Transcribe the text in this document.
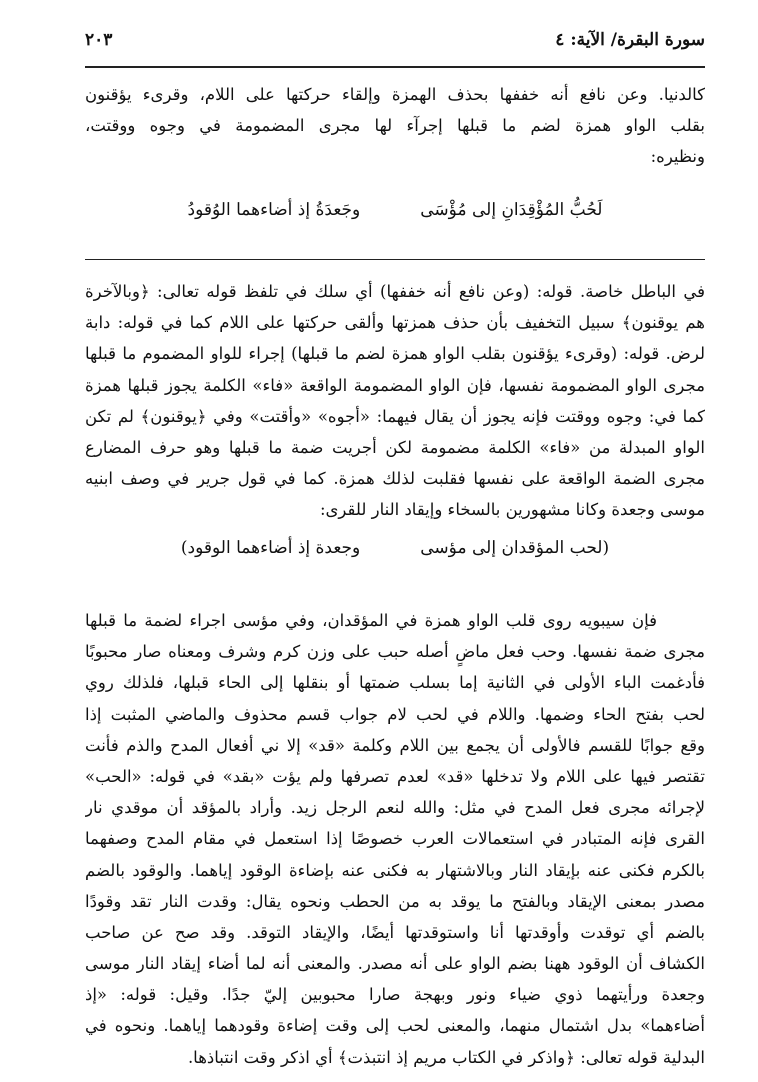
سورة البقرة/ الآية: ٤
٢٠٣
كالدنيا. وعن نافع أنه خففها بحذف الهمزة وإلقاء حركتها على اللام، وقرىء يؤقنون
بقلب الواو همزة لضم ما قبلها إجرآء لها مجرى المضمومة في وجوه ووقتت،
ونظيره:
لَحُبُّ المُؤْقِدَانِ إلى مُؤْسَى
وجَعدَةُ إذ أضاءهما الوُقودُ
في الباطل خاصة. قوله: (وعن نافع أنه خففها) أي سلك في تلفظ قوله تعالى: ﴿وبالآخرة
هم يوقنون﴾ سبيل التخفيف بأن حذف همزتها وألقى حركتها على اللام كما في قوله: دابة
لرض. قوله: (وقرىء يؤقنون بقلب الواو همزة لضم ما قبلها) إجراء للواو المضموم ما قبلها
مجرى الواو المضمومة نفسها، فإن الواو المضمومة الواقعة «فاء» الكلمة يجوز قبلها همزة
كما في: وجوه ووقتت فإنه يجوز أن يقال فيهما: «أجوه» «وأقتت» وفي ﴿يوقنون﴾ لم تكن
الواو المبدلة من «فاء» الكلمة مضمومة لكن أجريت ضمة ما قبلها وهو حرف المضارع
مجرى الضمة الواقعة على نفسها فقلبت لذلك همزة. كما في قول جرير في وصف ابنيه
موسى وجعدة وكانا مشهورين بالسخاء وإيقاد النار للقرى:
(لحب المؤقدان إلى مؤسى
وجعدة إذ أضاءهما الوقود)
فإن سيبويه روى قلب الواو همزة في المؤقدان، وفي مؤسى اجراء لضمة ما قبلها
مجرى ضمة نفسها. وحب فعل ماضٍ أصله حبب على وزن كرم وشرف ومعناه صار محبوبًا
فأدغمت الباء الأولى في الثانية إما بسلب ضمتها أو بنقلها إلى الحاء قبلها، فلذلك روي
لحب بفتح الحاء وضمها. واللام في لحب لام جواب قسم محذوف والماضي المثبت إذا
وقع جوابًا للقسم فالأولى أن يجمع بين اللام وكلمة «قد» إلا ني أفعال المدح والذم فأنت
تقتصر فيها على اللام ولا تدخلها «قد» لعدم تصرفها ولم يؤت «بقد» في قوله: «الحب»
لإجرائه مجرى فعل المدح في مثل: والله لنعم الرجل زيد. وأراد بالمؤقد أن موقدي نار
القرى فإنه المتبادر في استعمالات العرب خصوصًا إذا استعمل في مقام المدح وصفهما
بالكرم فكنى عنه بإيقاد النار وبالاشتهار به فكنى عنه بإضاءة الوقود إياهما. والوقود بالضم
مصدر بمعنى الإيقاد وبالفتح ما يوقد به من الحطب ونحوه يقال: وقدت النار تقد وقودًا
بالضم أي توقدت وأوقدتها أنا واستوقدتها أيضًا، والإيقاد التوقد. وقد صح عن صاحب
الكشاف أن الوقود ههنا بضم الواو على أنه مصدر. والمعنى أنه لما أضاء إيقاد النار موسى
وجعدة ورأيتهما ذوي ضياء ونور وبهجة صارا محبوبين إليّ جدًا. وقيل: قوله: «إذ
أضاءهما» بدل اشتمال منهما، والمعنى لحب إلى وقت إضاءة وقودهما إياهما. ونحوه في
البدلية قوله تعالى: ﴿واذكر في الكتاب مريم إذ انتبذت﴾ أي اذكر وقت انتباذها.
